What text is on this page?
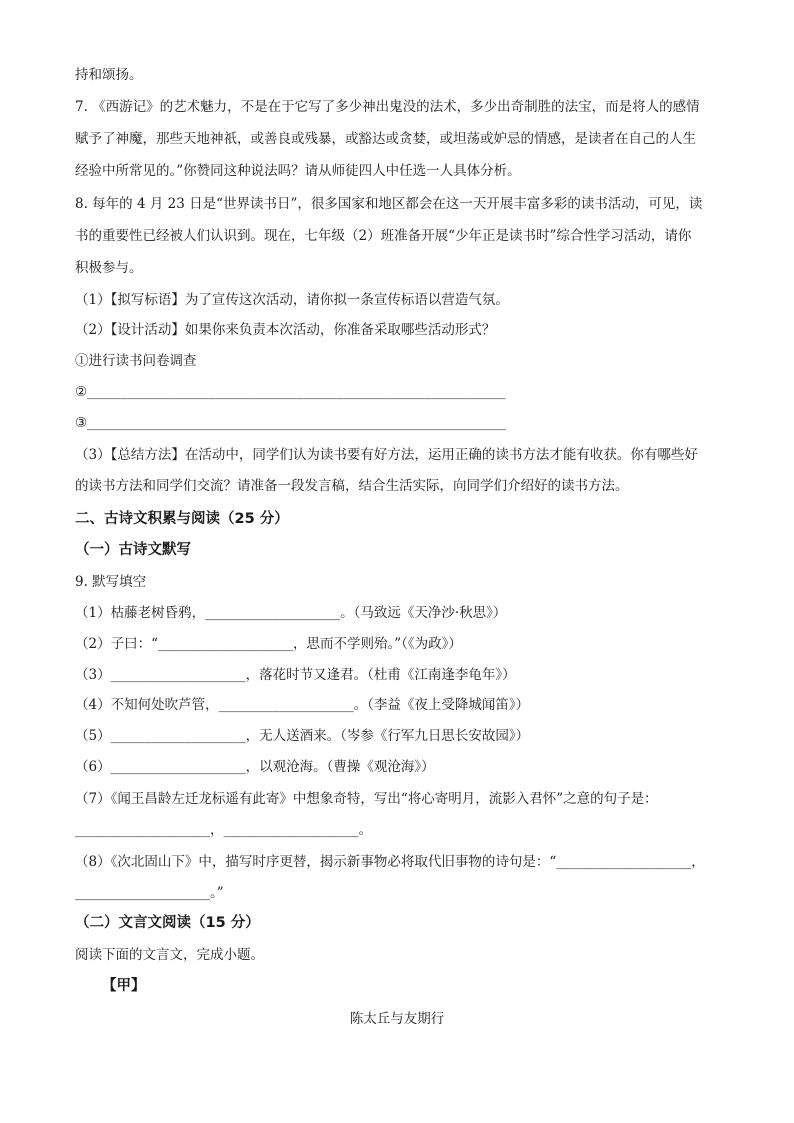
持和颂扬。
7. 《西游记》的艺术魅力，不是在于它写了多少神出鬼没的法术，多少出奇制胜的法宝，而是将人的感情
赋予了神魔，那些天地神祇，或善良或残暴，或豁达或贪婪，或坦荡或妒忌的情感，是读者在自己的人生
经验中所常见的。”你赞同这种说法吗？请从师徒四人中任选一人具体分析。
8. 每年的 4 月 23 日是“世界读书日”，很多国家和地区都会在这一天开展丰富多彩的读书活动，可见，读
书的重要性已经被人们认识到。现在，七年级（2）班准备开展“少年正是读书时”综合性学习活动，请你
积极参与。
（1）【拟写标语】为了宣传这次活动，请你拟一条宣传标语以营造气氛。
（2）【设计活动】如果你来负责本次活动，你准备采取哪些活动形式？
①进行读书问卷调查
②______________________________________________________________
③______________________________________________________________
（3）【总结方法】在活动中，同学们认为读书要有好方法，运用正确的读书方法才能有收获。你有哪些好
的读书方法和同学们交流？请准备一段发言稿，结合生活实际，向同学们介绍好的读书方法。
二、古诗文积累与阅读（25 分）
（一）古诗文默写
9. 默写填空
（1）枯藤老树昏鸦，____________________。（马致远《天净沙·秋思》）
（2）子曰：“____________________，思而不学则殆。”（《为政》）
（3）____________________，落花时节又逢君。（杜甫《江南逢李龟年》）
（4）不知何处吹芦管，____________________。（李益《夜上受降城闻笛》）
（5）____________________，无人送酒来。（岑参《行军九日思长安故园》）
（6）____________________，以观沧海。（曹操《观沧海》）
（7）《闻王昌龄左迁龙标遥有此寄》中想象奇特，写出“将心寄明月，流影入君怀”之意的句子是：
____________________，____________________。
（8）《次北固山下》中，描写时序更替，揭示新事物必将取代旧事物的诗句是：“____________________，
____________________。”
（二）文言文阅读（15 分）
阅读下面的文言文，完成小题。
【甲】
陈太丘与友期行
